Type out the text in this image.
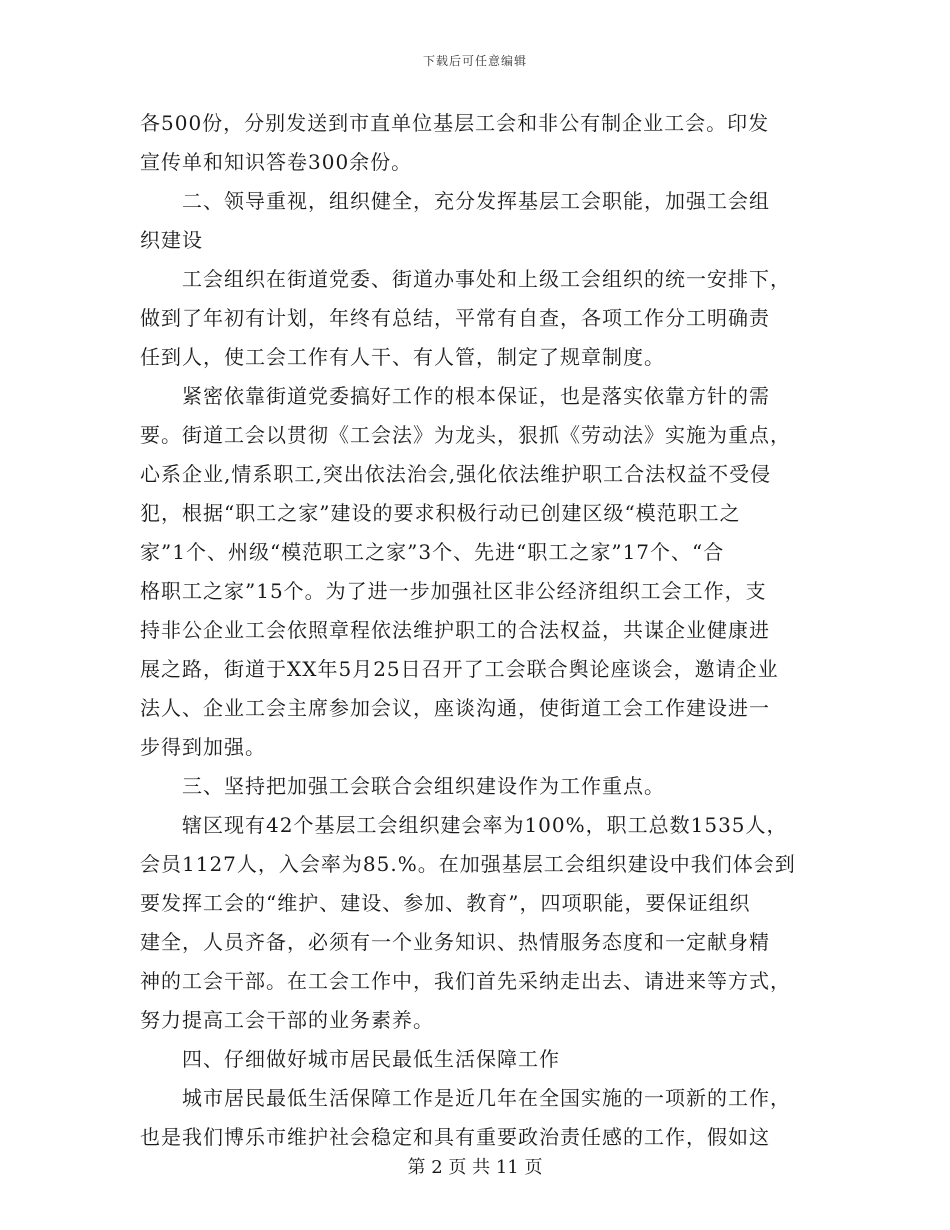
下载后可任意编辑
各500份，分别发送到市直单位基层工会和非公有制企业工会。印发
宣传单和知识答卷300余份。
　　二、领导重视，组织健全，充分发挥基层工会职能，加强工会组
织建设
　　工会组织在街道党委、街道办事处和上级工会组织的统一安排下，
做到了年初有计划，年终有总结，平常有自查，各项工作分工明确责
任到人，使工会工作有人干、有人管，制定了规章制度。
　　紧密依靠街道党委搞好工作的根本保证，也是落实依靠方针的需
要。街道工会以贯彻《工会法》为龙头，狠抓《劳动法》实施为重点，
心系企业,情系职工,突出依法治会,强化依法维护职工合法权益不受侵
犯，根据“职工之家”建设的要求积极行动已创建区级“模范职工之
家”1个、州级“模范职工之家”3个、先进“职工之家”17个、“合
格职工之家”15个。为了进一步加强社区非公经济组织工会工作，支
持非公企业工会依照章程依法维护职工的合法权益，共谋企业健康进
展之路，街道于XX年5月25日召开了工会联合舆论座谈会，邀请企业
法人、企业工会主席参加会议，座谈沟通，使街道工会工作建设进一
步得到加强。
　　三、坚持把加强工会联合会组织建设作为工作重点。
　　辖区现有42个基层工会组织建会率为100%，职工总数1535人，
会员1127人，入会率为85.%。在加强基层工会组织建设中我们体会到
要发挥工会的“维护、建设、参加、教育”，四项职能，要保证组织
建全，人员齐备，必须有一个业务知识、热情服务态度和一定献身精
神的工会干部。在工会工作中，我们首先采纳走出去、请进来等方式，
努力提高工会干部的业务素养。
　　四、仔细做好城市居民最低生活保障工作
　　城市居民最低生活保障工作是近几年在全国实施的一项新的工作，
也是我们博乐市维护社会稳定和具有重要政治责任感的工作，假如这
第 2 页 共 11 页
